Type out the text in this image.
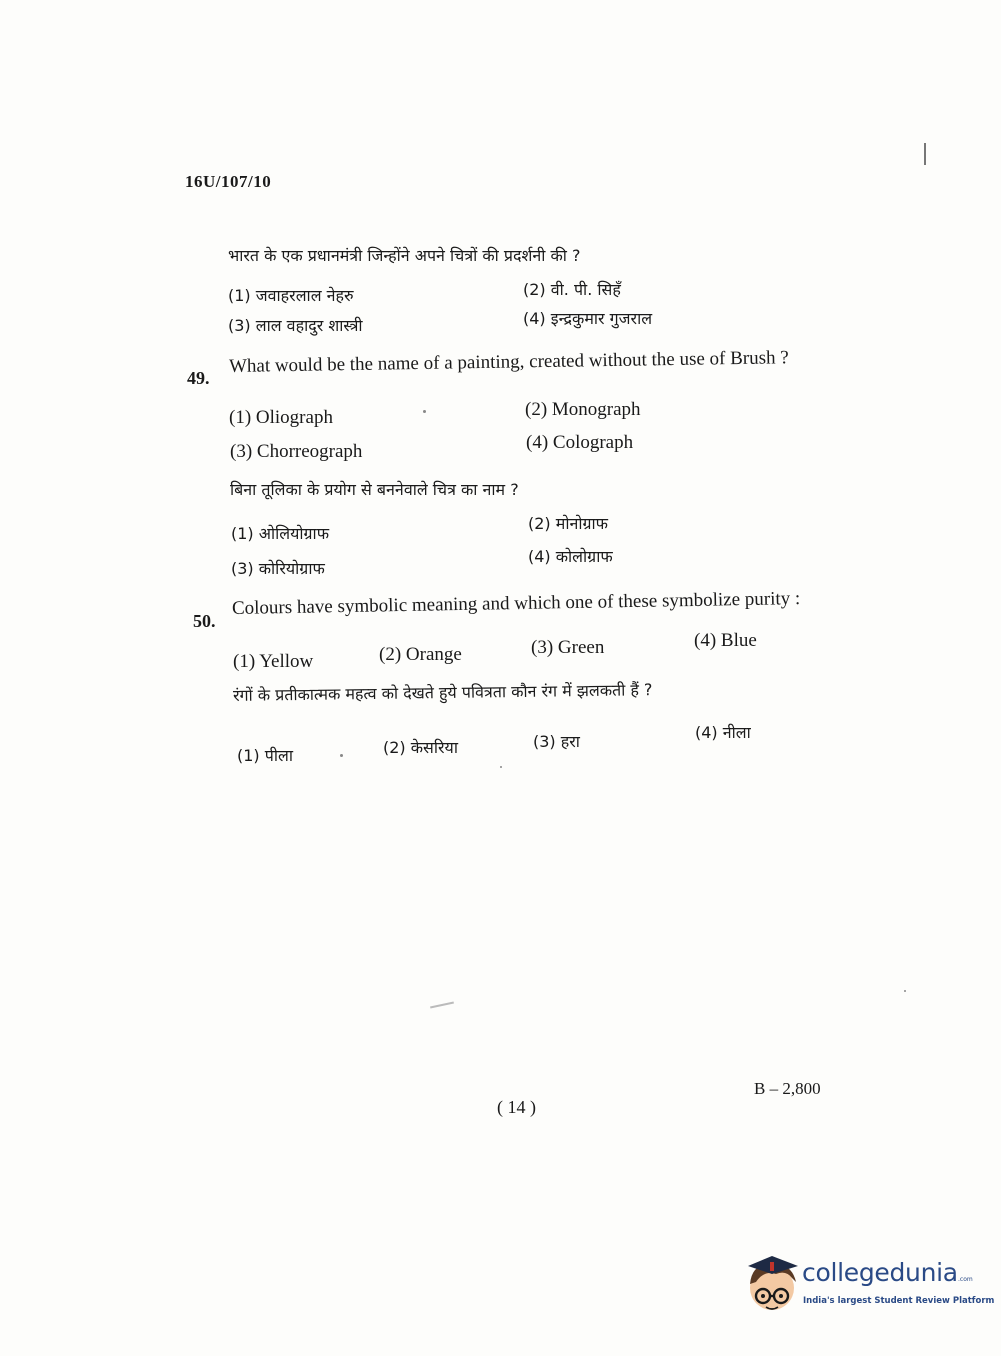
16U/107/10
भारत के एक प्रधानमंत्री जिन्होंने अपने चित्रों की प्रदर्शनी की ?
(1) जवाहरलाल नेहरु	(2) वी. पी. सिहँ
(3) लाल वहादुर शास्त्री	(4) इन्द्रकुमार गुजराल
49.
What would be the name of a painting, created without the use of Brush ?
(1) Oliograph	(2) Monograph
(3) Chorreograph	(4) Colograph
बिना तूलिका के प्रयोग से बननेवाले चित्र का नाम ?
(1) ओलियोग्राफ
(2) मोनोग्राफ
(3) कोरियोग्राफ
(4) कोलोग्राफ
50.
Colours have symbolic meaning and which one of these symbolize purity :
(1) Yellow	(2) Orange	(3) Green	(4) Blue
रंगों के प्रतीकात्मक महत्व को देखते हुये पवित्रता कौन रंग में झलकती हैं ?
(1) पीला	(2) केसरिया	(3) हरा	(4) नीला
( 14 )
B – 2,800
collegedunia .com
India's largest Student Review Platform
